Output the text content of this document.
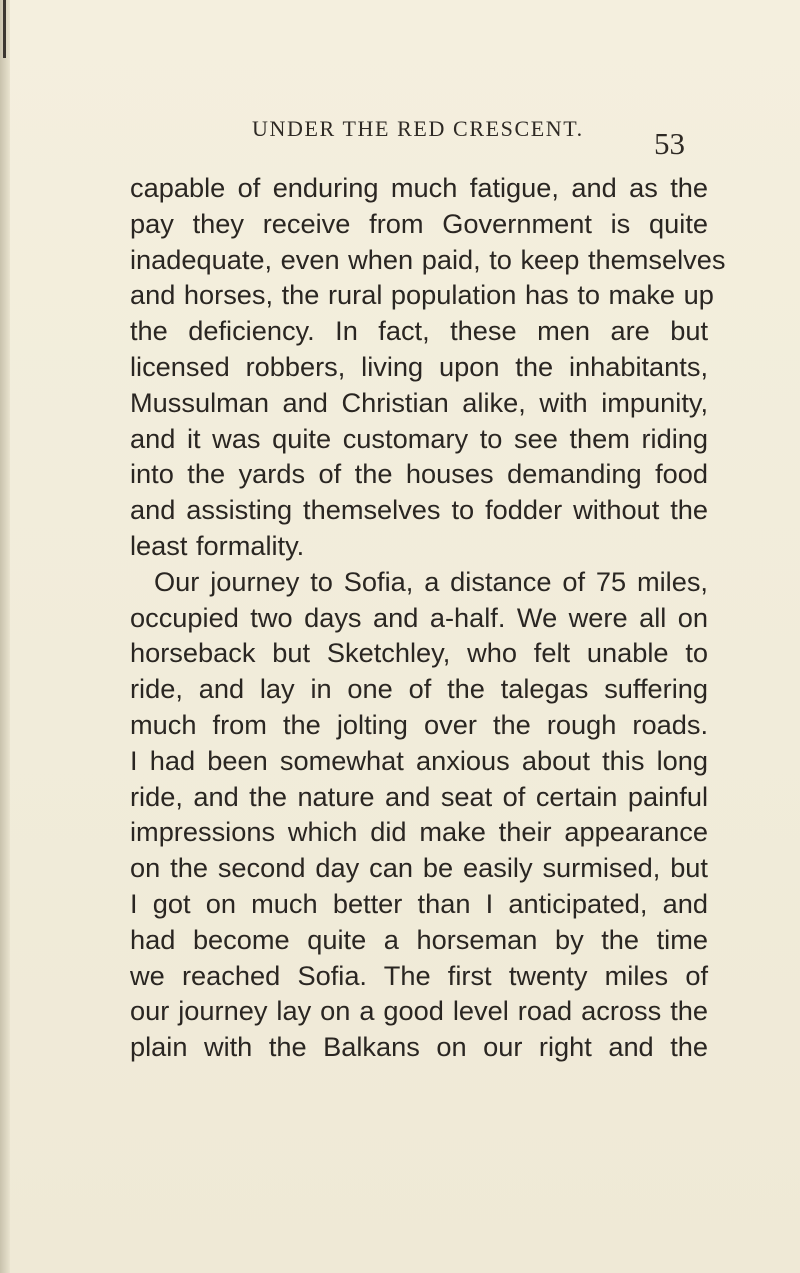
UNDER THE RED CRESCENT. 53
capable of enduring much fatigue, and as the
pay they receive from Government is quite
inadequate, even when paid, to keep themselves
and horses, the rural population has to make up
the deficiency. In fact, these men are but
licensed robbers, living upon the inhabitants,
Mussulman and Christian alike, with impunity,
and it was quite customary to see them riding
into the yards of the houses demanding food
and assisting themselves to fodder without the
least formality.
Our journey to Sofia, a distance of 75 miles,
occupied two days and a-half. We were all on
horseback but Sketchley, who felt unable to
ride, and lay in one of the talegas suffering
much from the jolting over the rough roads.
I had been somewhat anxious about this long
ride, and the nature and seat of certain painful
impressions which did make their appearance
on the second day can be easily surmised, but
I got on much better than I anticipated, and
had become quite a horseman by the time
we reached Sofia. The first twenty miles of
our journey lay on a good level road across the
plain with the Balkans on our right and the
